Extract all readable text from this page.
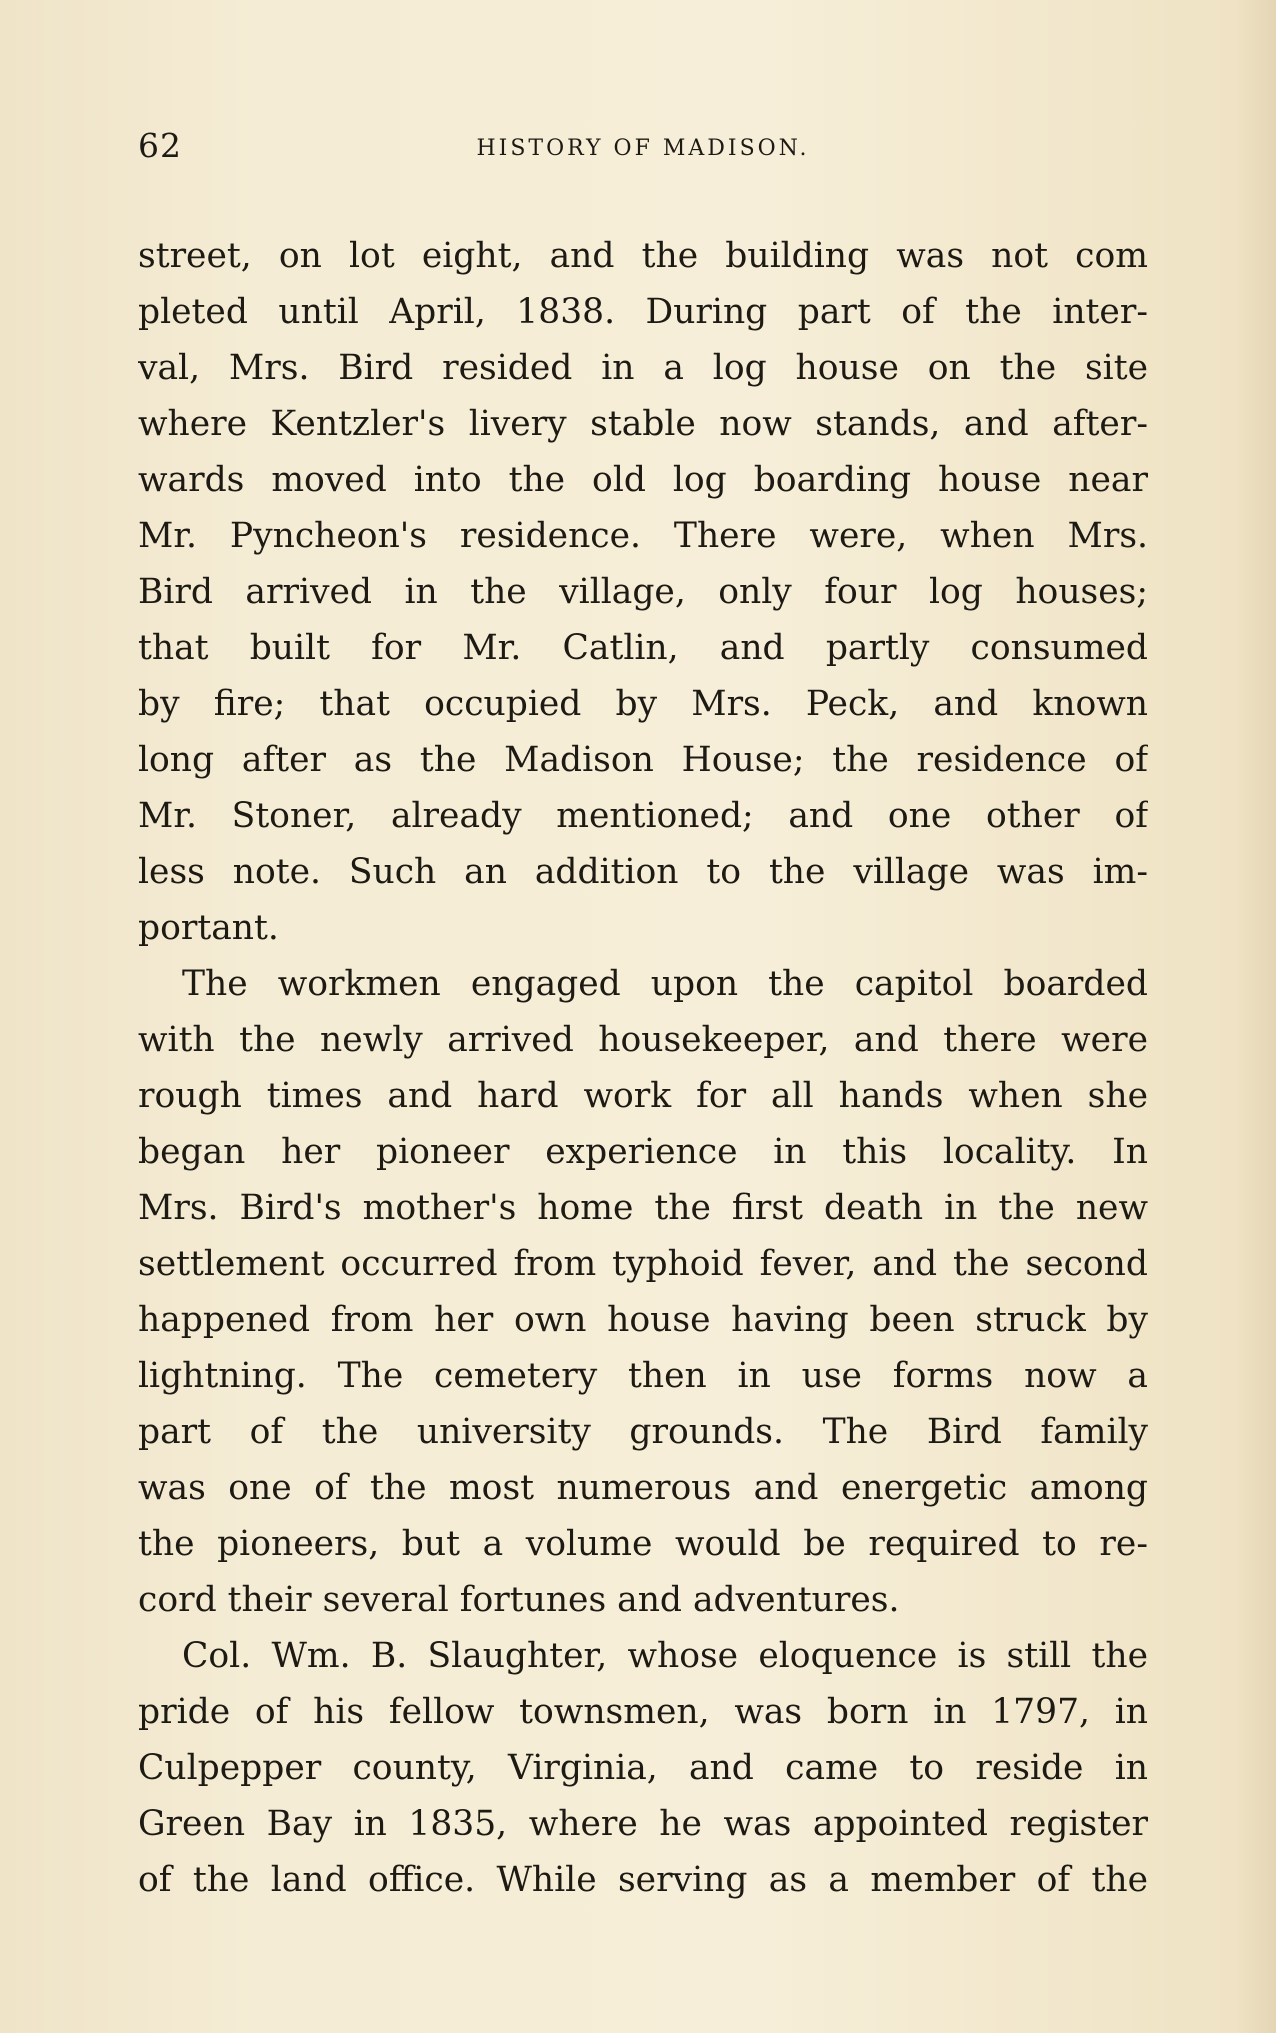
62	HISTORY OF MADISON.
street, on lot eight, and the building was not com
pleted until April, 1838. During part of the inter-
val, Mrs. Bird resided in a log house on the site
where Kentzler's livery stable now stands, and after-
wards moved into the old log boarding house near
Mr. Pyncheon's residence. There were, when Mrs.
Bird arrived in the village, only four log houses;
that built for Mr. Catlin, and partly consumed
by fire; that occupied by Mrs. Peck, and known
long after as the Madison House; the residence of
Mr. Stoner, already mentioned; and one other of
less note. Such an addition to the village was im-
portant.
The workmen engaged upon the capitol boarded
with the newly arrived housekeeper, and there were
rough times and hard work for all hands when she
began her pioneer experience in this locality. In
Mrs. Bird's mother's home the first death in the new
settlement occurred from typhoid fever, and the second
happened from her own house having been struck by
lightning. The cemetery then in use forms now a
part of the university grounds. The Bird family
was one of the most numerous and energetic among
the pioneers, but a volume would be required to re-
cord their several fortunes and adventures.
Col. Wm. B. Slaughter, whose eloquence is still the
pride of his fellow townsmen, was born in 1797, in
Culpepper county, Virginia, and came to reside in
Green Bay in 1835, where he was appointed register
of the land office. While serving as a member of the
